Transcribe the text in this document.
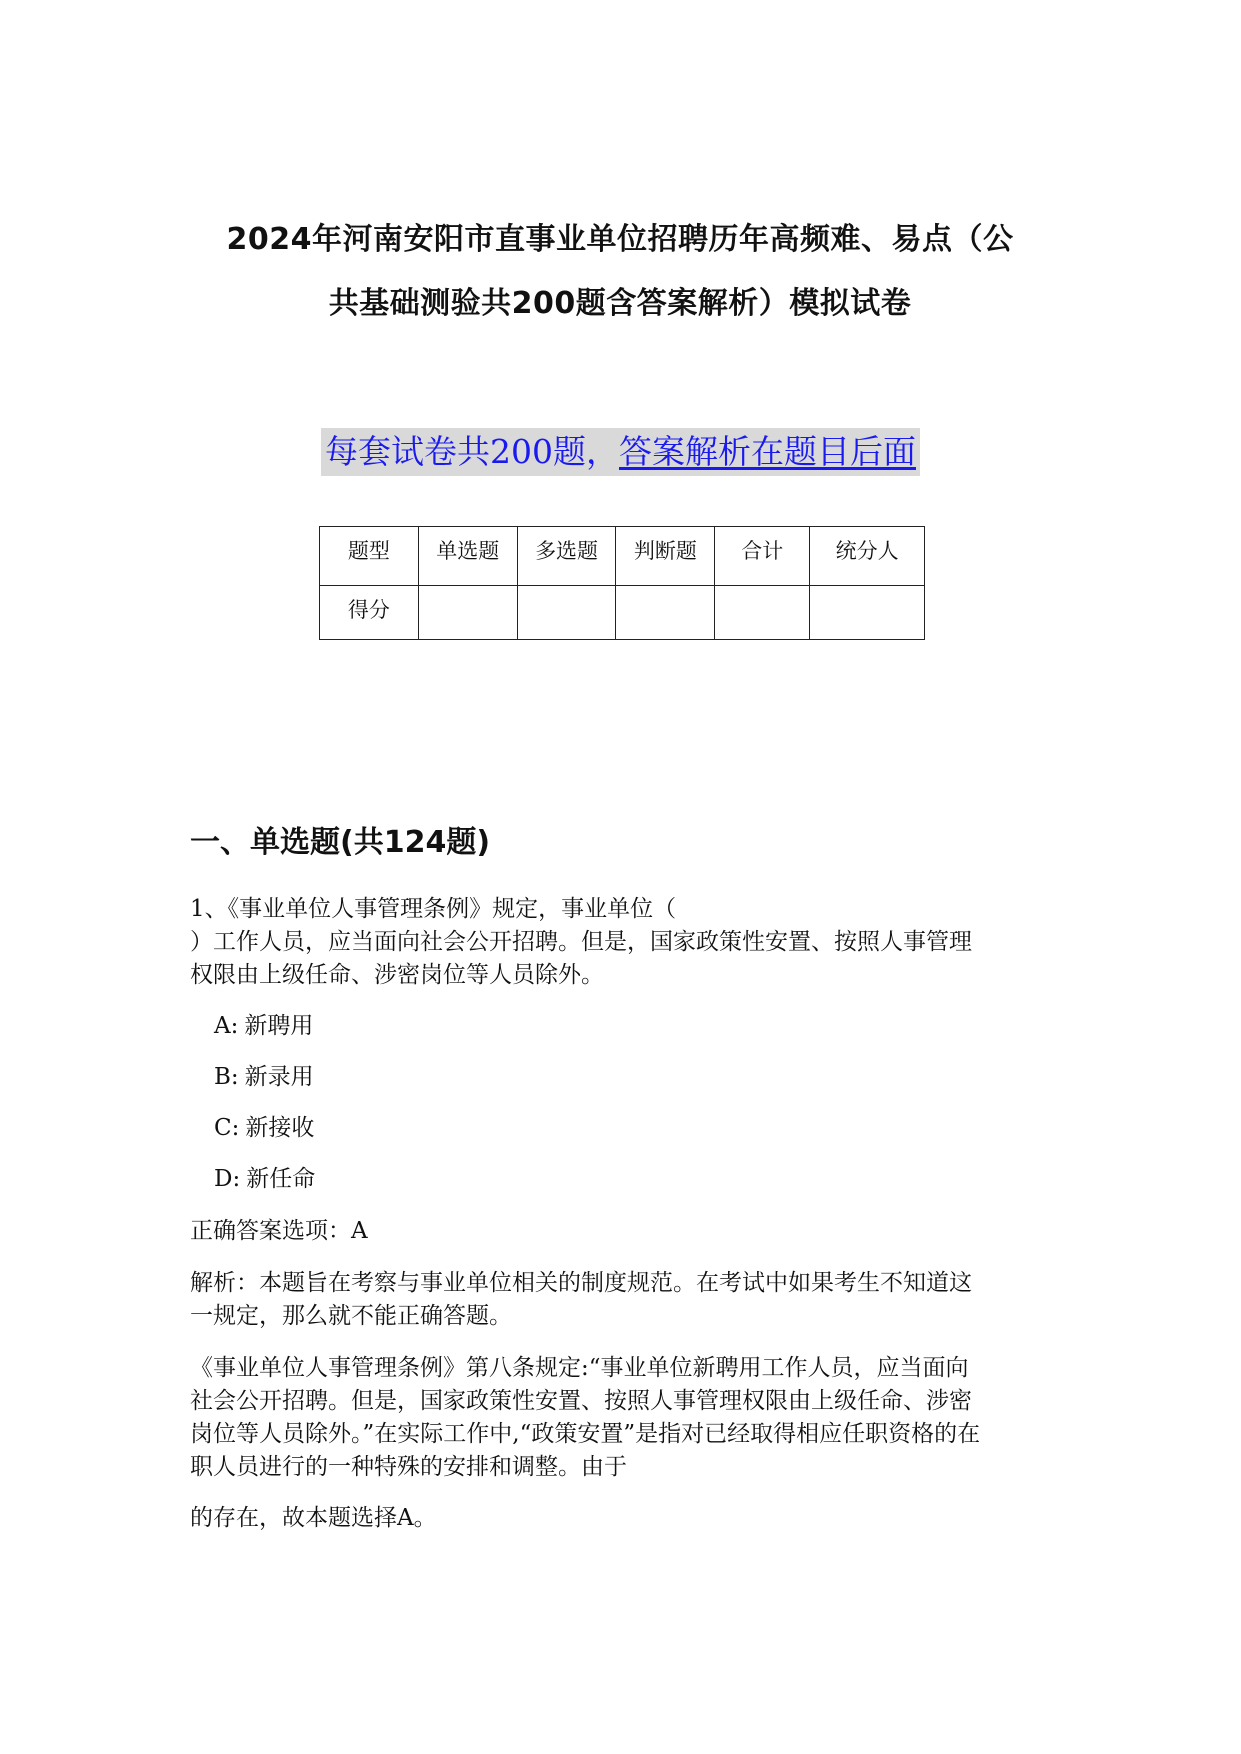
2024年河南安阳市直事业单位招聘历年高频难、易点（公
共基础测验共200题含答案解析）模拟试卷
每套试卷共200题，答案解析在题目后面
题型	单选题	多选题	判断题	合计	统分人
得分					
一、单选题(共124题)

1、《事业单位人事管理条例》规定，事业单位（
）工作人员，应当面向社会公开招聘。但是，国家政策性安置、按照人事管理
权限由上级任命、涉密岗位等人员除外。

A: 新聘用

B: 新录用

C: 新接收

D: 新任命

正确答案选项：A

解析：本题旨在考察与事业单位相关的制度规范。在考试中如果考生不知道这
一规定，那么就不能正确答题。

《事业单位人事管理条例》第八条规定:“事业单位新聘用工作人员，应当面向
社会公开招聘。但是，国家政策性安置、按照人事管理权限由上级任命、涉密
岗位等人员除外。”在实际工作中,“政策安置”是指对已经取得相应任职资格的在
职人员进行的一种特殊的安排和调整。由于

的存在，故本题选择A。
